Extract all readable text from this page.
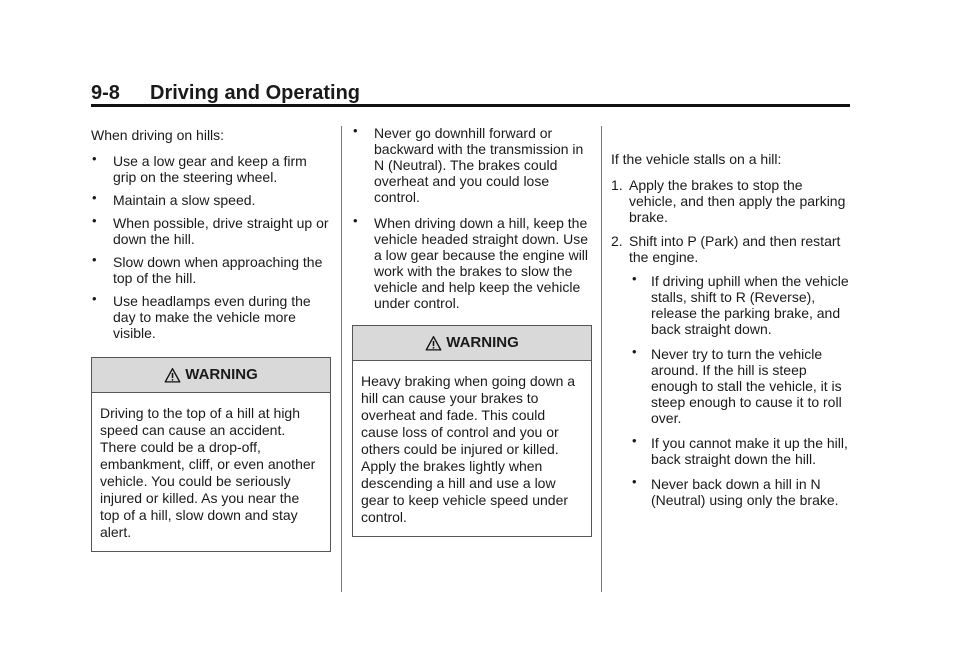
9-8 Driving and Operating

When driving on hills:

• Use a low gear and keep a firm grip on the steering wheel.
• Maintain a slow speed.
• When possible, drive straight up or down the hill.
• Slow down when approaching the top of the hill.
• Use headlamps even during the day to make the vehicle more visible.
WARNING
Driving to the top of a hill at high speed can cause an accident. There could be a drop-off, embankment, cliff, or even another vehicle. You could be seriously injured or killed. As you near the top of a hill, slow down and stay alert.
• Never go downhill forward or backward with the transmission in N (Neutral). The brakes could overheat and you could lose control.
• When driving down a hill, keep the vehicle headed straight down. Use a low gear because the engine will work with the brakes to slow the vehicle and help keep the vehicle under control.
WARNING
Heavy braking when going down a hill can cause your brakes to overheat and fade. This could cause loss of control and you or others could be injured or killed. Apply the brakes lightly when descending a hill and use a low gear to keep vehicle speed under control.

If the vehicle stalls on a hill:

1. Apply the brakes to stop the vehicle, and then apply the parking brake.
2. Shift into P (Park) and then restart the engine.
• If driving uphill when the vehicle stalls, shift to R (Reverse), release the parking brake, and back straight down.
• Never try to turn the vehicle around. If the hill is steep enough to stall the vehicle, it is steep enough to cause it to roll over.
• If you cannot make it up the hill, back straight down the hill.
• Never back down a hill in N (Neutral) using only the brake.
